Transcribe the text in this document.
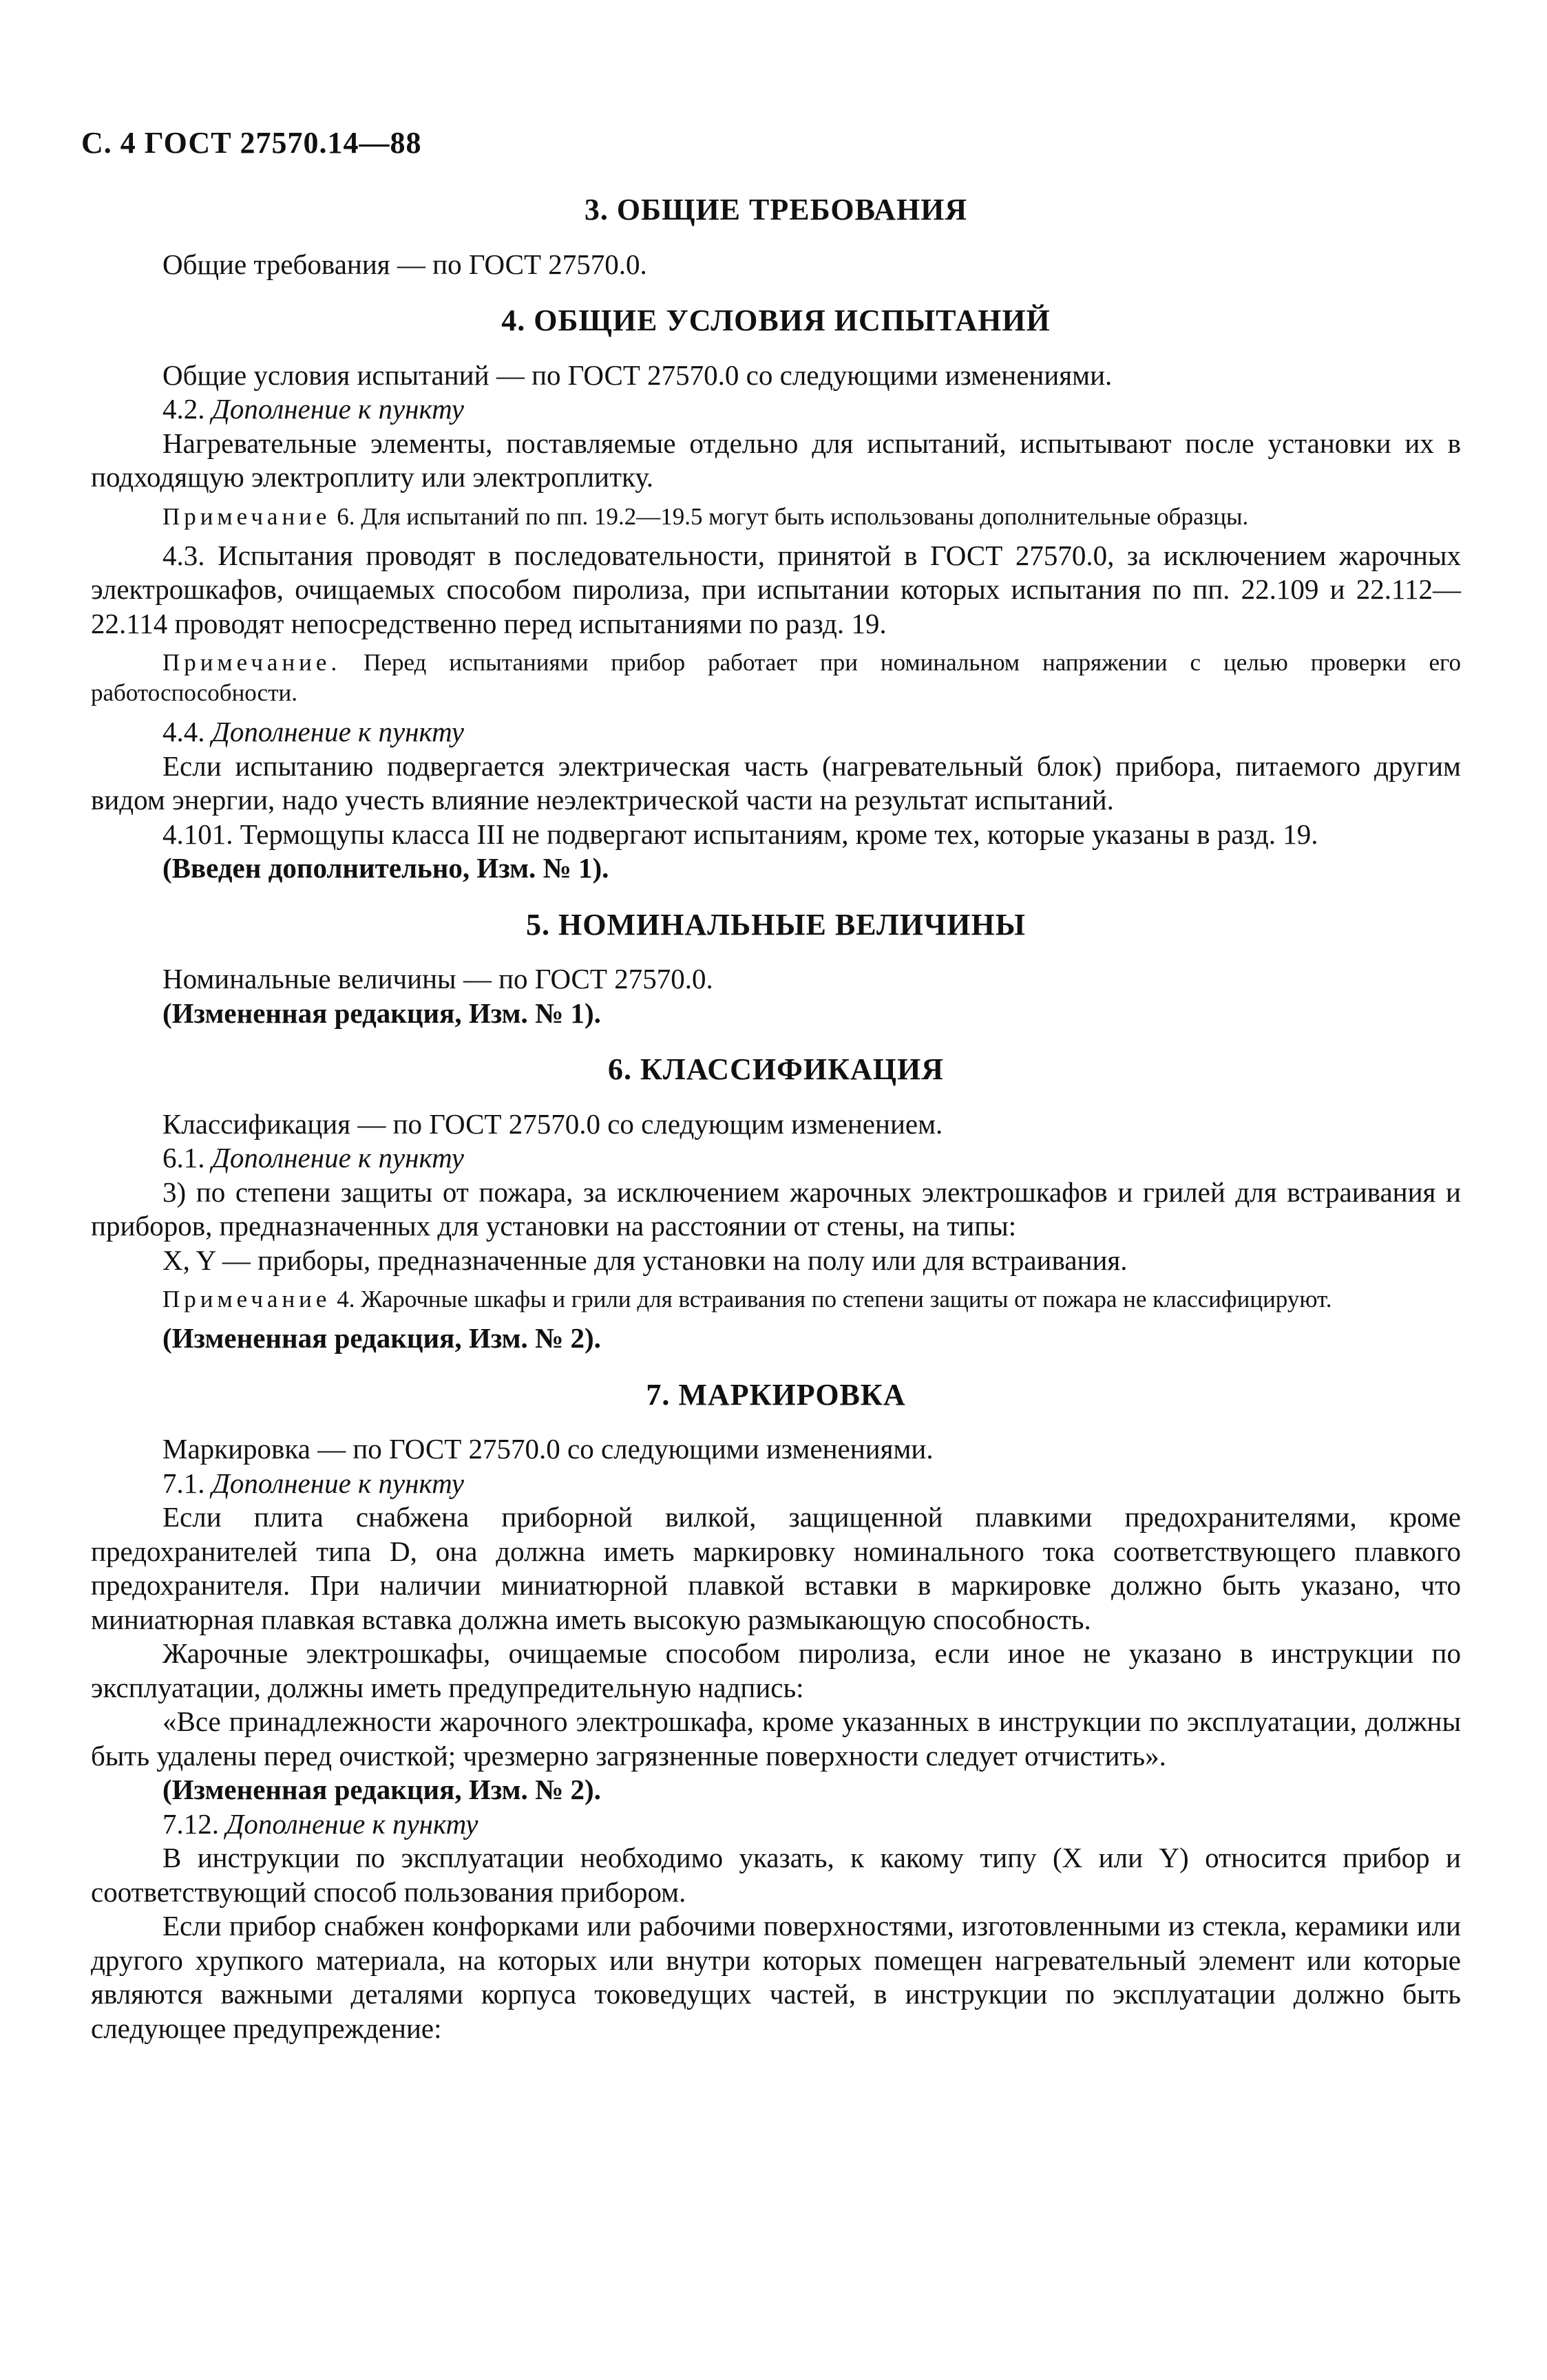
С. 4 ГОСТ 27570.14—88
3. ОБЩИЕ ТРЕБОВАНИЯ

Общие требования — по ГОСТ 27570.0.

4. ОБЩИЕ УСЛОВИЯ ИСПЫТАНИЙ

Общие условия испытаний — по ГОСТ 27570.0 со следующими изменениями.

4.2. Дополнение к пункту

Нагревательные элементы, поставляемые отдельно для испытаний, испытывают после установки их в подходящую электроплиту или электроплитку.

Примечание 6. Для испытаний по пп. 19.2—19.5 могут быть использованы дополнительные образцы.

4.3. Испытания проводят в последовательности, принятой в ГОСТ 27570.0, за исключением жарочных электрошкафов, очищаемых способом пиролиза, при испытании которых испытания по пп. 22.109 и 22.112—22.114 проводят непосредственно перед испытаниями по разд. 19.

Примечание. Перед испытаниями прибор работает при номинальном напряжении с целью проверки его работоспособности.

4.4. Дополнение к пункту

Если испытанию подвергается электрическая часть (нагревательный блок) прибора, питаемого другим видом энергии, надо учесть влияние неэлектрической части на результат испытаний.

4.101. Термощупы класса III не подвергают испытаниям, кроме тех, которые указаны в разд. 19.

(Введен дополнительно, Изм. № 1).

5. НОМИНАЛЬНЫЕ ВЕЛИЧИНЫ

Номинальные величины — по ГОСТ 27570.0.

(Измененная редакция, Изм. № 1).

6. КЛАССИФИКАЦИЯ

Классификация — по ГОСТ 27570.0 со следующим изменением.

6.1. Дополнение к пункту

3) по степени защиты от пожара, за исключением жарочных электрошкафов и грилей для встраивания и приборов, предназначенных для установки на расстоянии от стены, на типы:

X, Y — приборы, предназначенные для установки на полу или для встраивания.

Примечание 4. Жарочные шкафы и грили для встраивания по степени защиты от пожара не классифицируют.

(Измененная редакция, Изм. № 2).

7. МАРКИРОВКА

Маркировка — по ГОСТ 27570.0 со следующими изменениями.

7.1. Дополнение к пункту

Если плита снабжена приборной вилкой, защищенной плавкими предохранителями, кроме предохранителей типа D, она должна иметь маркировку номинального тока соответствующего плавкого предохранителя. При наличии миниатюрной плавкой вставки в маркировке должно быть указано, что миниатюрная плавкая вставка должна иметь высокую размыкающую способность.

Жарочные электрошкафы, очищаемые способом пиролиза, если иное не указано в инструкции по эксплуатации, должны иметь предупредительную надпись:

«Все принадлежности жарочного электрошкафа, кроме указанных в инструкции по эксплуатации, должны быть удалены перед очисткой; чрезмерно загрязненные поверхности следует отчистить».

(Измененная редакция, Изм. № 2).

7.12. Дополнение к пункту

В инструкции по эксплуатации необходимо указать, к какому типу (X или Y) относится прибор и соответствующий способ пользования прибором.

Если прибор снабжен конфорками или рабочими поверхностями, изготовленными из стекла, керамики или другого хрупкого материала, на которых или внутри которых помещен нагревательный элемент или которые являются важными деталями корпуса токоведущих частей, в инструкции по эксплуатации должно быть следующее предупреждение:
